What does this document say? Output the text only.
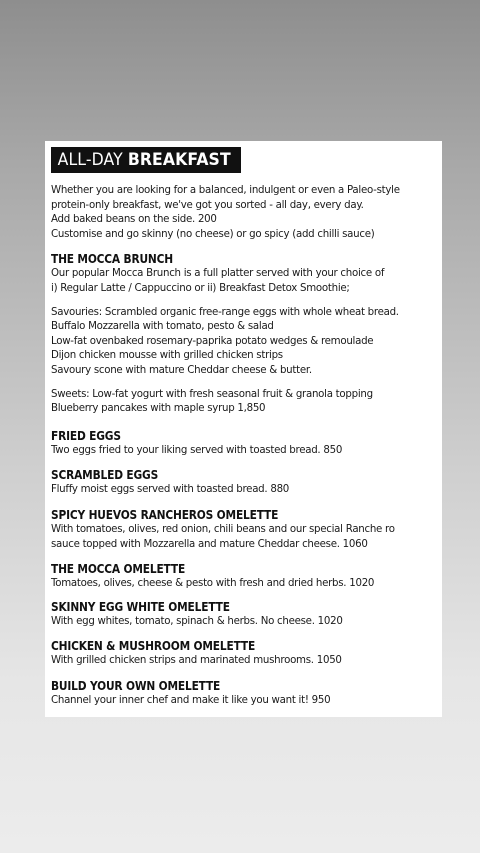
ALL-DAY BREAKFAST

Whether you are looking for a balanced, indulgent or even a Paleo-style

protein-only breakfast, we've got you sorted - all day, every day.

Add baked beans on the side. 200

Customise and go skinny (no cheese) or go spicy (add chilli sauce)

THE MOCCA BRUNCH

Our popular Mocca Brunch is a full platter served with your choice of

i) Regular Latte / Cappuccino or ii) Breakfast Detox Smoothie;

Savouries: Scrambled organic free-range eggs with whole wheat bread.

Buffalo Mozzarella with tomato, pesto & salad

Low-fat ovenbaked rosemary-paprika potato wedges & remoulade

Dijon chicken mousse with grilled chicken strips

Savoury scone with mature Cheddar cheese & butter.

Sweets: Low-fat yogurt with fresh seasonal fruit & granola topping

Blueberry pancakes with maple syrup 1,850

FRIED EGGS

Two eggs fried to your liking served with toasted bread. 850

SCRAMBLED EGGS

Fluffy moist eggs served with toasted bread. 880

SPICY HUEVOS RANCHEROS OMELETTE

With tomatoes, olives, red onion, chili beans and our special Ranche ro

sauce topped with Mozzarella and mature Cheddar cheese. 1060

THE MOCCA OMELETTE

Tomatoes, olives, cheese & pesto with fresh and dried herbs. 1020

SKINNY EGG WHITE OMELETTE

With egg whites, tomato, spinach & herbs. No cheese. 1020

CHICKEN & MUSHROOM OMELETTE

With grilled chicken strips and marinated mushrooms. 1050

BUILD YOUR OWN OMELETTE

Channel your inner chef and make it like you want it! 950
